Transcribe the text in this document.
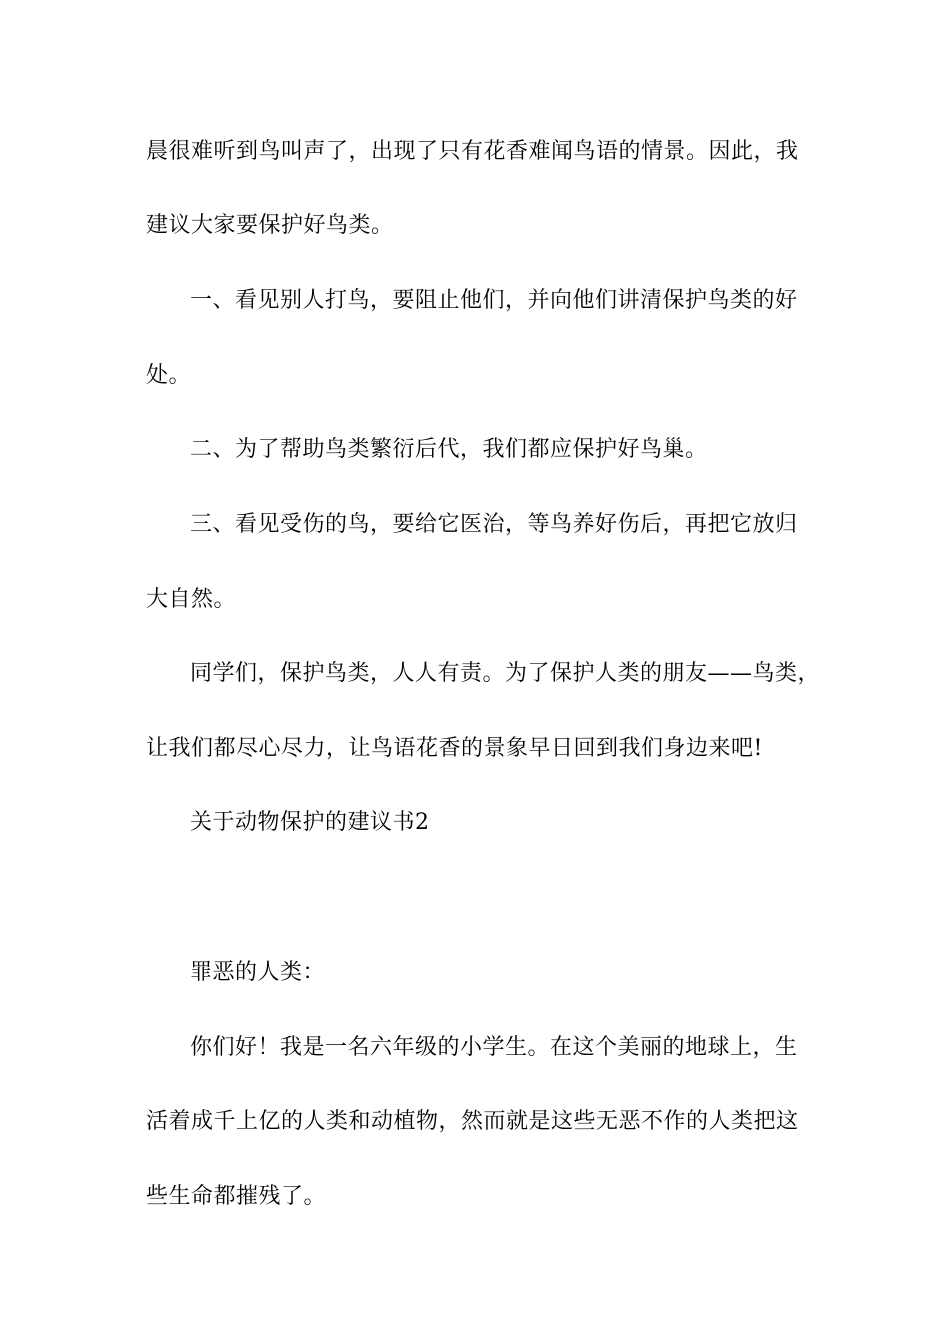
晨很难听到鸟叫声了，出现了只有花香难闻鸟语的情景。因此，我
建议大家要保护好鸟类。
一、看见别人打鸟，要阻止他们，并向他们讲清保护鸟类的好
处。
二、为了帮助鸟类繁衍后代，我们都应保护好鸟巢。
三、看见受伤的鸟，要给它医治，等鸟养好伤后，再把它放归
大自然。
同学们，保护鸟类，人人有责。为了保护人类的朋友——鸟类，
让我们都尽心尽力，让鸟语花香的景象早日回到我们身边来吧!
关于动物保护的建议书2
罪恶的人类：
你们好！我是一名六年级的小学生。在这个美丽的地球上，生
活着成千上亿的人类和动植物，然而就是这些无恶不作的人类把这
些生命都摧残了。
